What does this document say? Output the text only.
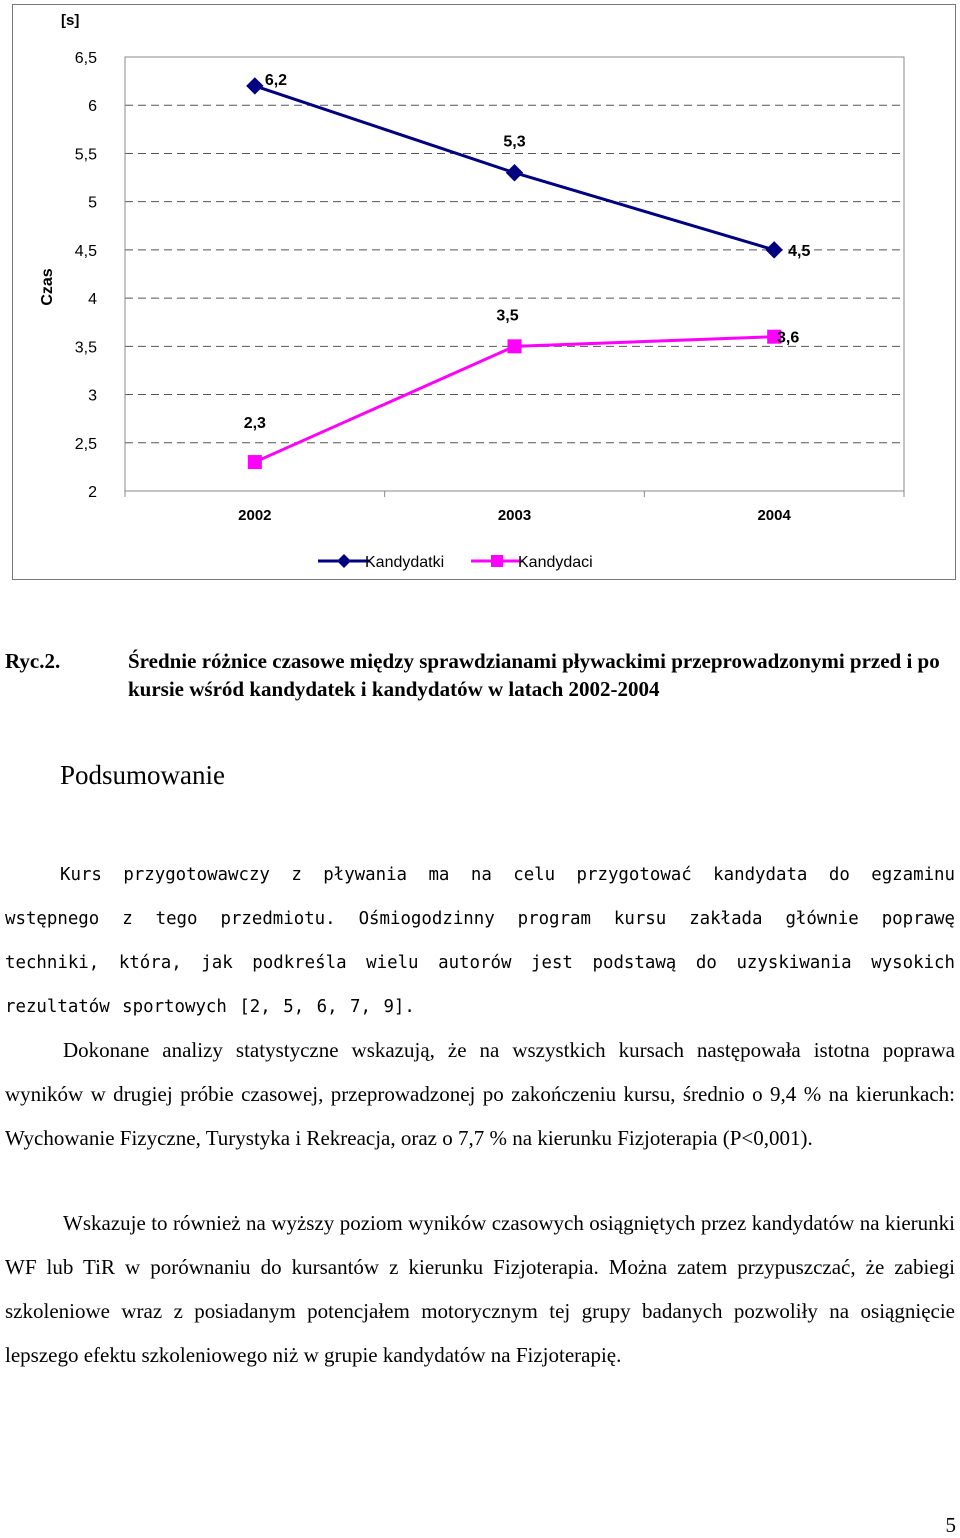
2
2,5
3
3,5
4
4,5
5
5,5
6
6,5
2002	2003	2004
6,2
5,3
4,5
2,3
3,5
3,6
[s]
Czas
Kandydatki	Kandydaci
Ryc.2.	Średnie różnice czasowe między sprawdzianami pływackimi przeprowadzonymi przed i po kursie wśród kandydatek i kandydatów w latach 2002-2004
Podsumowanie

Kurs przygotowawczy z pływania ma na celu przygotować kandydata do egzaminu wstępnego z tego przedmiotu. Ośmiogodzinny program kursu zakłada głównie poprawę techniki, która, jak podkreśla wielu autorów jest podstawą do uzyskiwania wysokich rezultatów sportowych [2, 5, 6, 7, 9].

Dokonane analizy statystyczne wskazują, że na wszystkich kursach następowała istotna poprawa wyników w drugiej próbie czasowej, przeprowadzonej po zakończeniu kursu, średnio o 9,4 % na kierunkach: Wychowanie Fizyczne, Turystyka i Rekreacja, oraz o 7,7 % na kierunku Fizjoterapia (P<0,001).

Wskazuje to również na wyższy poziom wyników czasowych osiągniętych przez kandydatów na kierunki WF lub TiR w porównaniu do kursantów z kierunku Fizjoterapia. Można zatem przypuszczać, że zabiegi szkoleniowe wraz z posiadanym potencjałem motorycznym tej grupy badanych pozwoliły na osiągnięcie lepszego efektu szkoleniowego niż w grupie kandydatów na Fizjoterapię.

5
